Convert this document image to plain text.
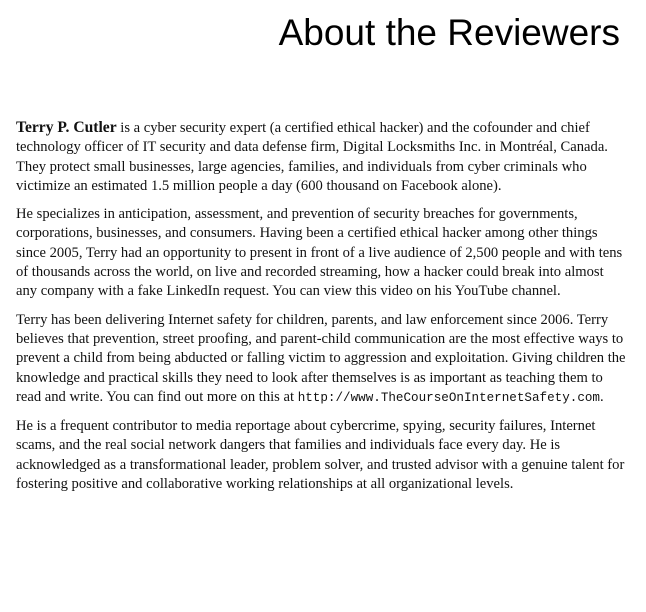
About the Reviewers

Terry P. Cutler is a cyber security expert (a certified ethical hacker) and the cofounder and chief technology officer of IT security and data defense firm, Digital Locksmiths Inc. in Montréal, Canada. They protect small businesses, large agencies, families, and individuals from cyber criminals who victimize an estimated 1.5 million people a day (600 thousand on Facebook alone).

He specializes in anticipation, assessment, and prevention of security breaches for governments, corporations, businesses, and consumers. Having been a certified ethical hacker among other things since 2005, Terry had an opportunity to present in front of a live audience of 2,500 people and with tens of thousands across the world, on live and recorded streaming, how a hacker could break into almost any company with a fake LinkedIn request. You can view this video on his YouTube channel.

Terry has been delivering Internet safety for children, parents, and law enforcement since 2006. Terry believes that prevention, street proofing, and parent-child communication are the most effective ways to prevent a child from being abducted or falling victim to aggression and exploitation. Giving children the knowledge and practical skills they need to look after themselves is as important as teaching them to read and write. You can find out more on this at http://www.TheCourseOnInternetSafety.com.

He is a frequent contributor to media reportage about cybercrime, spying, security failures, Internet scams, and the real social network dangers that families and individuals face every day. He is acknowledged as a transformational leader, problem solver, and trusted advisor with a genuine talent for fostering positive and collaborative working relationships at all organizational levels.
